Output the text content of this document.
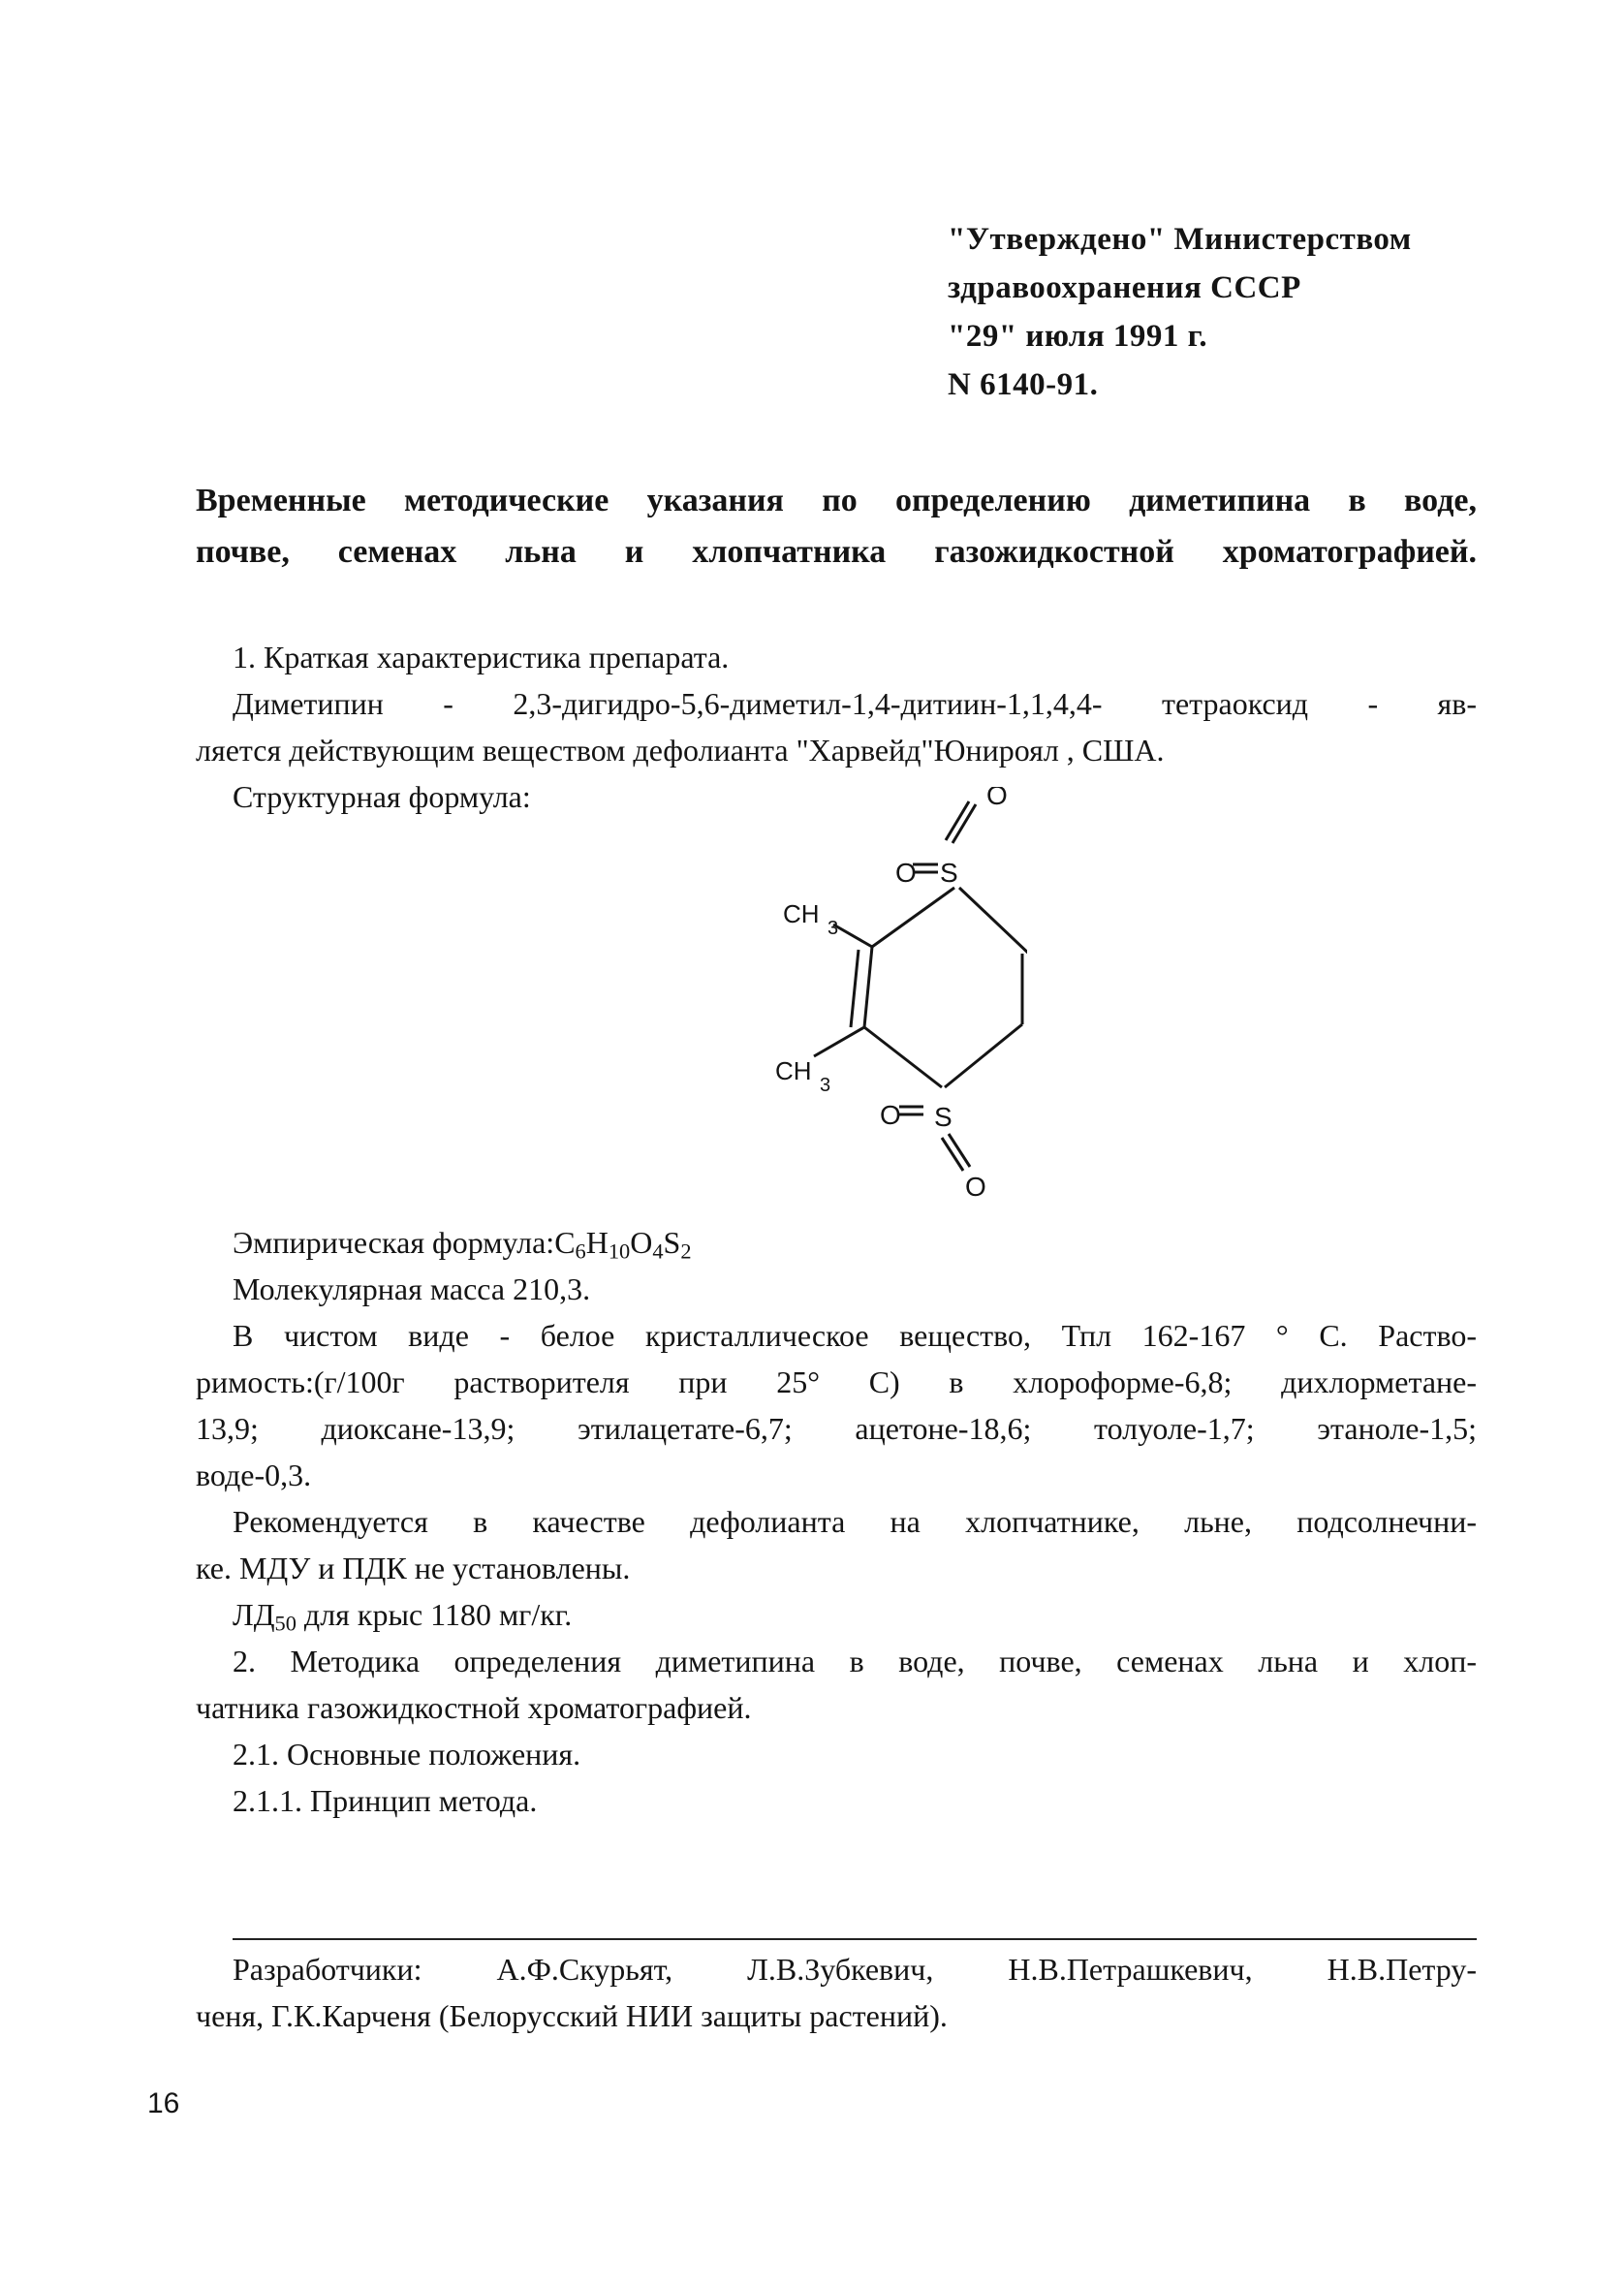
"Утверждено" Министерством
здравоохранения СССР
"29" июля 1991 г.
N 6140-91.
Временные методические указания по определению диметипина в воде,
почве, семенах льна и хлопчатника газожидкостной хроматографией.
1. Краткая характеристика препарата.
Диметипин - 2,3-дигидро-5,6-диметил-1,4-дитиин-1,1,4,4- тетраоксид - яв-
ляется действующим веществом дефолианта "Харвейд"Юнироял , США.
Структурная формула:	O
O S
CH 3
CH 3
O S
O
Эмпирическая $формула:C_6H_{10}O_4S_2$
Молекулярная масса 210,3.
В чистом виде - белое кристаллическое вещество, Тпл 162-167 ° С. Раство-
римость:(г/100г растворителя при 25° С) в хлороформе-6,8; дихлорметане-
13,9; диоксане-13,9; этилацетате-6,7; ацетоне-18,6; толуоле-1,7; этаноле-1,5;
воде-0,3.
Рекомендуется в качестве дефолианта на хлопчатнике, льне, подсолнечни-
ке. МДУ и ПДК не установлены.
$ЛД_{50}$ для крыс 1180 мг/кг.
2. Методика определения диметипина в воде, почве, семенах льна и хлоп-
чатника газожидкостной хроматографией.
2.1. Основные положения.
2.1.1. Принцип метода.
Разработчики: А.Ф.Скурьят, Л.В.Зубкевич, Н.В.Петрашкевич, Н.В.Петру-
ченя, Г.К.Карченя (Белорусский НИИ защиты растений).
16
